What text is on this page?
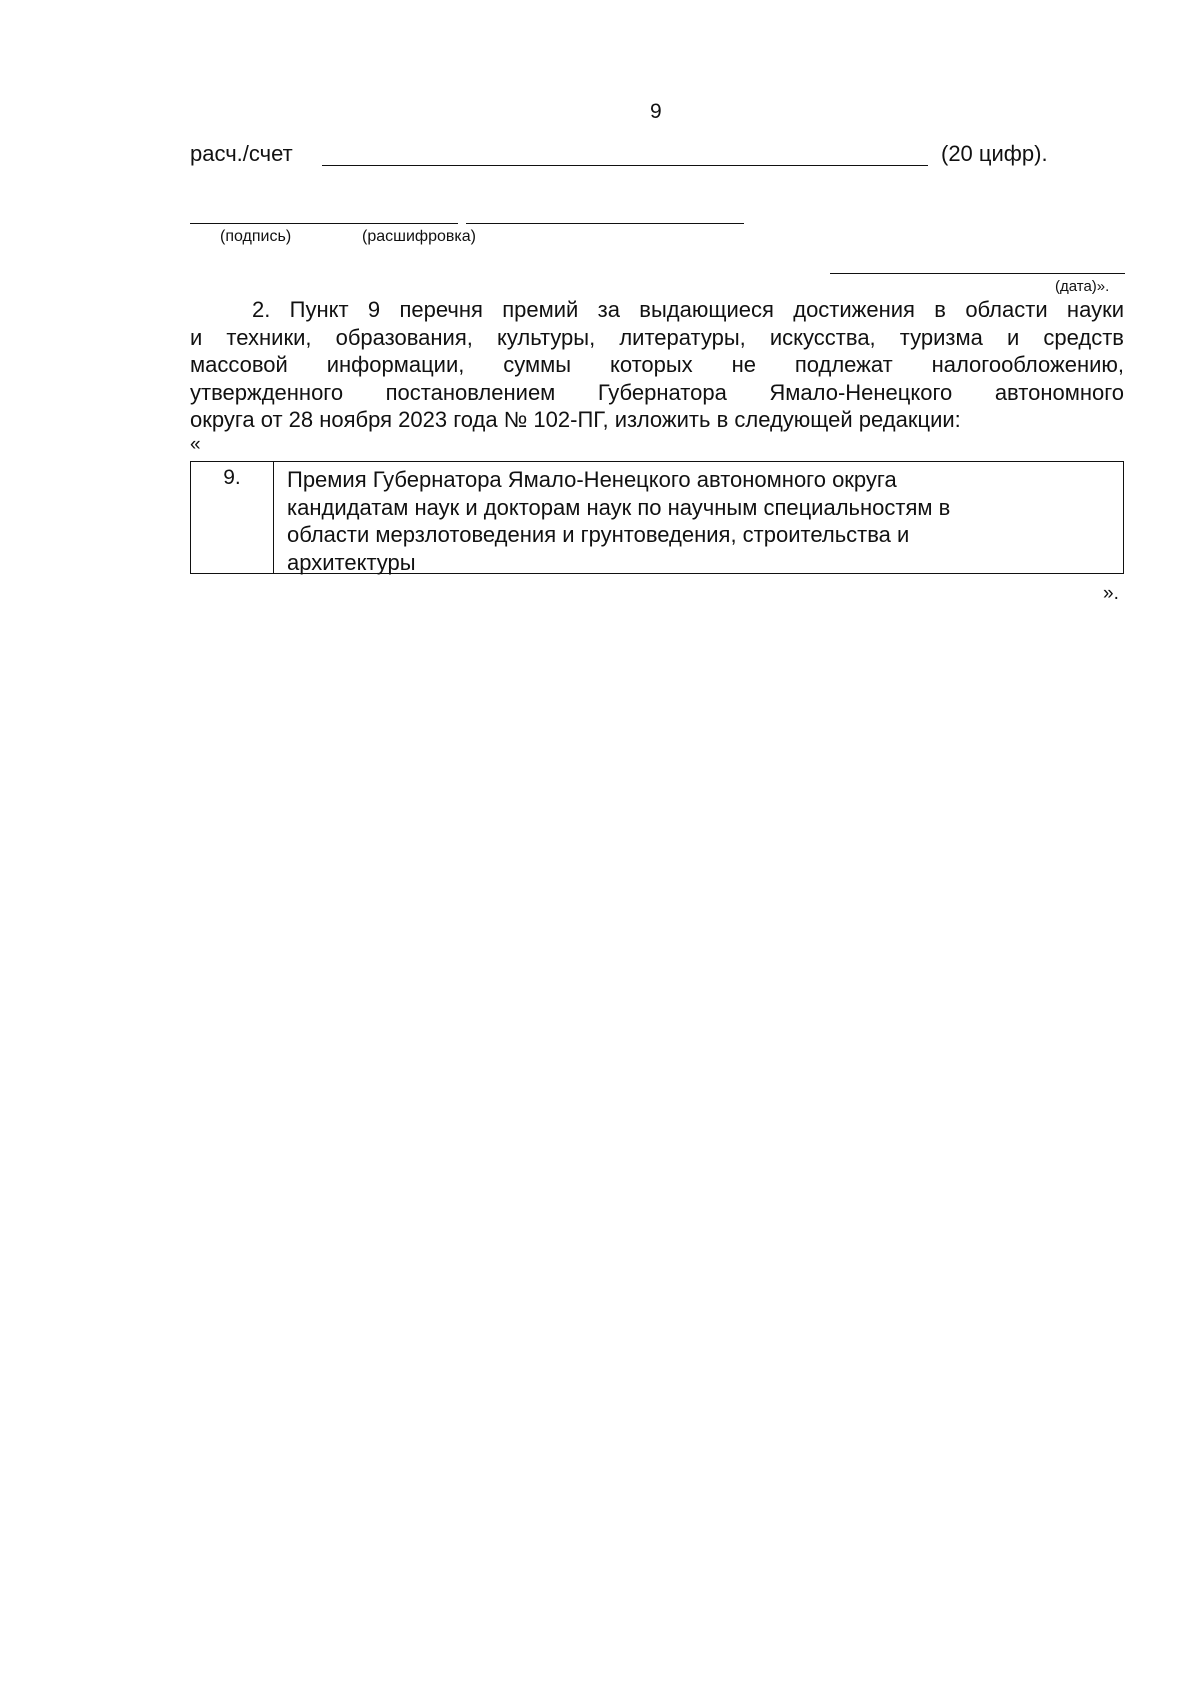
9
расч./счет	(20 цифр).
(подпись)	(расшифровка)
(дата)».
2. Пункт 9 перечня премий за выдающиеся достижения в области науки
и техники, образования, культуры, литературы, искусства, туризма и средств
массовой информации, суммы которых не подлежат налогообложению,
утвержденного постановлением Губернатора Ямало-Ненецкого автономного
округа от 28 ноября 2023 года № 102-ПГ, изложить в следующей редакции:
«
9.	Премия Губернатора Ямало-Ненецкого автономного округа
кандидатам наук и докторам наук по научным специальностям в
области мерзлотоведения и грунтоведения, строительства и
архитектуры
».
